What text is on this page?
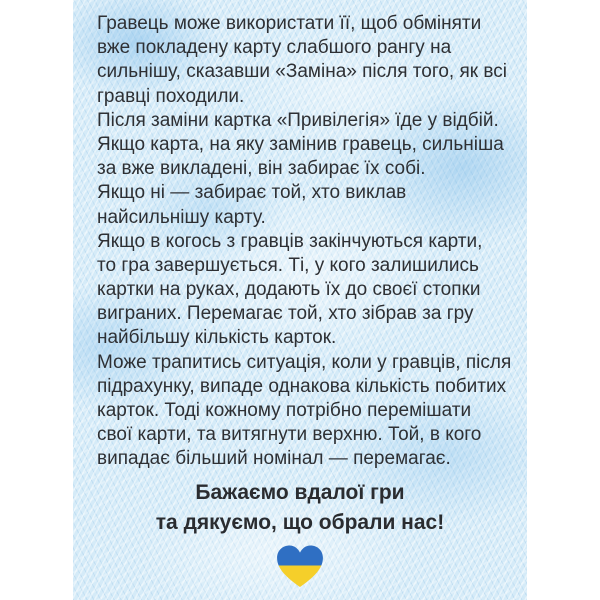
Гравець може використати її, щоб обміняти
вже покладену карту слабшого рангу на
сильнішу, сказавши «Заміна» після того, як всі
гравці походили.
Після заміни картка «Привілегія» їде у відбій.
Якщо карта, на яку замінив гравець, сильніша
за вже викладені, він забирає їх собі.
Якщо ні — забирає той, хто виклав
найсильнішу карту.
Якщо в когось з гравців закінчуються карти,
то гра завершується. Ті, у кого залишились
картки на руках, додають їх до своєї стопки
виграних. Перемагає той, хто зібрав за гру
найбільшу кількість карток.
Може трапитись ситуація, коли у гравців, після
підрахунку, випаде однакова кількість побитих
карток. Тоді кожному потрібно перемішати
свої карти, та витягнути верхню. Той, в кого
випадає більший номінал — перемагає.
Бажаємо вдалої гри
та дякуємо, що обрали нас!
